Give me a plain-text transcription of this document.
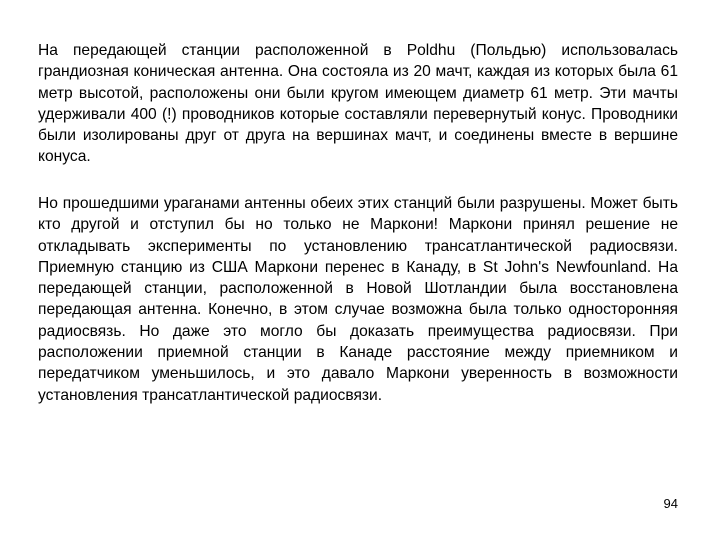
На передающей станции расположенной в Poldhu (Польдью) использовалась грандиозная коническая антенна. Она состояла из 20 мачт, каждая из которых была 61 метр высотой, расположены они были кругом имеющем диаметр 61 метр. Эти мачты удерживали 400 (!) проводников которые составляли перевернутый конус. Проводники были изолированы друг от друга на вершинах мачт, и соединены вместе в вершине конуса.

Но прошедшими ураганами антенны обеих этих станций были разрушены. Может быть кто другой и отступил бы но только не Маркони! Маркони принял решение не откладывать эксперименты по установлению трансатлантической радиосвязи. Приемную станцию из США Маркони перенес в Канаду, в St John's Newfounland. На передающей станции, расположенной в Новой Шотландии была восстановлена передающая антенна. Конечно, в этом случае возможна была только односторонняя радиосвязь. Но даже это могло бы доказать преимущества радиосвязи. При расположении приемной станции в Канаде расстояние между приемником и передатчиком уменьшилось, и это давало Маркони уверенность в возможности установления трансатлантической радиосвязи.

94
